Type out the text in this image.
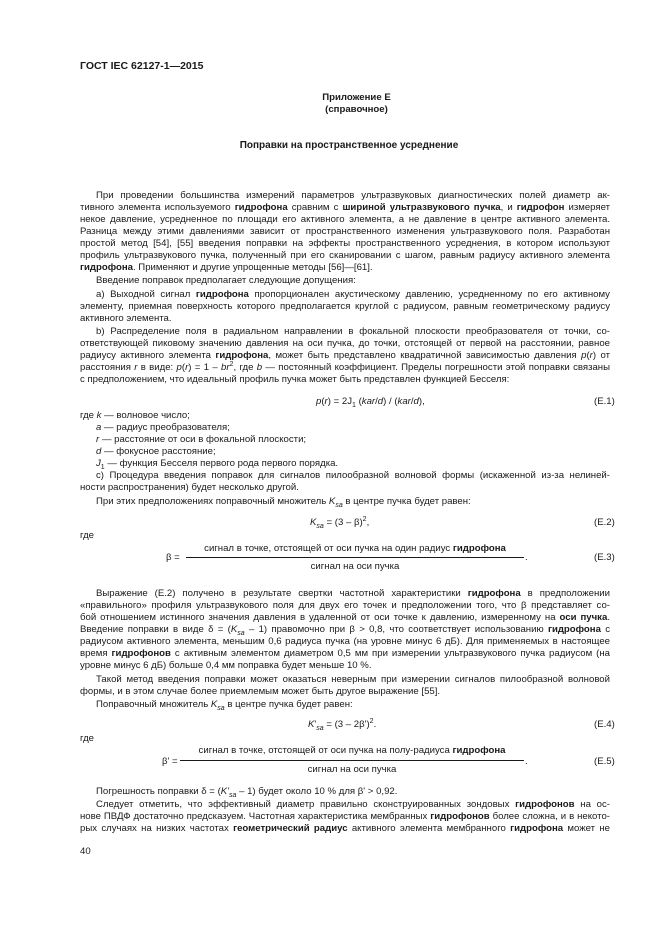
ГОСТ IEC 62127-1—2015
Приложение Е
(справочное)
Поправки на пространственное усреднение
При проведении большинства измерений параметров ультразвуковых диагностических полей диаметр ак-
тивного элемента используемого гидрофона сравним с шириной ультразвукового пучка, и гидрофон измеряет
некое давление, усредненное по площади его активного элемента, а не давление в центре активного элемента.
Разница между этими давлениями зависит от пространственного изменения ультразвукового поля. Разработан
простой метод [54], [55] введения поправки на эффекты пространственного усреднения, в котором используют
профиль ультразвукового пучка, полученный при его сканировании с шагом, равным радиусу активного элемента
гидрофона. Применяют и другие упрощенные методы [56]—[61].
Введение поправок предполагает следующие допущения:
а) Выходной сигнал гидрофона пропорционален акустическому давлению, усредненному по его активному
элементу, приемная поверхность которого предполагается круглой с радиусом, равным геометрическому радиусу
активного элемента.
b) Распределение поля в радиальном направлении в фокальной плоскости преобразователя от точки, со-
ответствующей пиковому значению давления на оси пучка, до точки, отстоящей от первой на расстоянии, равное
радиусу активного элемента гидрофона, может быть представлено квадратичной зависимостью давления p(r) от
расстояния r в виде: $p(r) = 1 - br^2$, где b — постоянный коэффициент. Пределы погрешности этой поправки связаны
с предположением, что идеальный профиль пучка может быть представлен функцией Бесселя:
$p(r) = 2J_1$ (kar/d) / (kar/d),	(E.1)
где k — волновое число;
a — радиус преобразователя;
r — расстояние от оси в фокальной плоскости;
d — фокусное расстояние;
$J_1$ — функция Бесселя первого рода первого порядка.
c) Процедура введения поправок для сигналов пилообразной волновой формы (искаженной из-за нелиней-
ности распространения) будет несколько другой.
При этих предположениях поправочный множитель $K_{sa}$ в центре пучка будет равен:
$K_{sa} = (3 - \beta)^2$,	(E.2)
где
β =
сигнал в точке, отстоящей от оси пучка на один радиус гидрофона
сигнал на оси пучка
.	(E.3)
Выражение (E.2) получено в результате свертки частотной характеристики гидрофона в предположении
«правильного» профиля ультразвукового поля для двух его точек и предположении того, что β представляет со-
бой отношением истинного значения давления в удаленной от оси точке к давлению, измеренному на оси пучка.
Введение поправки в виде $\delta = (K_{sa} - 1)$ правомочно при β > 0,8, что соответствует использованию гидрофона с
радиусом активного элемента, меньшим 0,6 радиуса пучка (на уровне минус 6 дБ). Для применяемых в настоящее
время гидрофонов с активным элементом диаметром 0,5 мм при измерении ультразвукового пучка радиусом (на
уровне минус 6 дБ) больше 0,4 мм поправка будет меньше 10 %.
Такой метод введения поправки может оказаться неверным при измерении сигналов пилообразной волновой
формы, и в этом случае более приемлемым может быть другое выражение [55].
Поправочный множитель $K_{sa}$ в центре пучка будет равен:
$K'_{sa} = (3 - 2\beta')^2$.	(E.4)
где
β' =
сигнал в точке, отстоящей от оси пучка на полу-радиуса гидрофона
сигнал на оси пучка
.	(E.5)
Погрешность поправки $\delta = (K'_{sa} - 1)$ будет около 10 % для β' > 0,92.
Следует отметить, что эффективный диаметр правильно сконструированных зондовых гидрофонов на ос-
нове ПВДФ достаточно предсказуем. Частотная характеристика мембранных гидрофонов более сложна, и в некото-
рых случаях на низких частотах геометрический радиус активного элемента мембранного гидрофона может не
40
